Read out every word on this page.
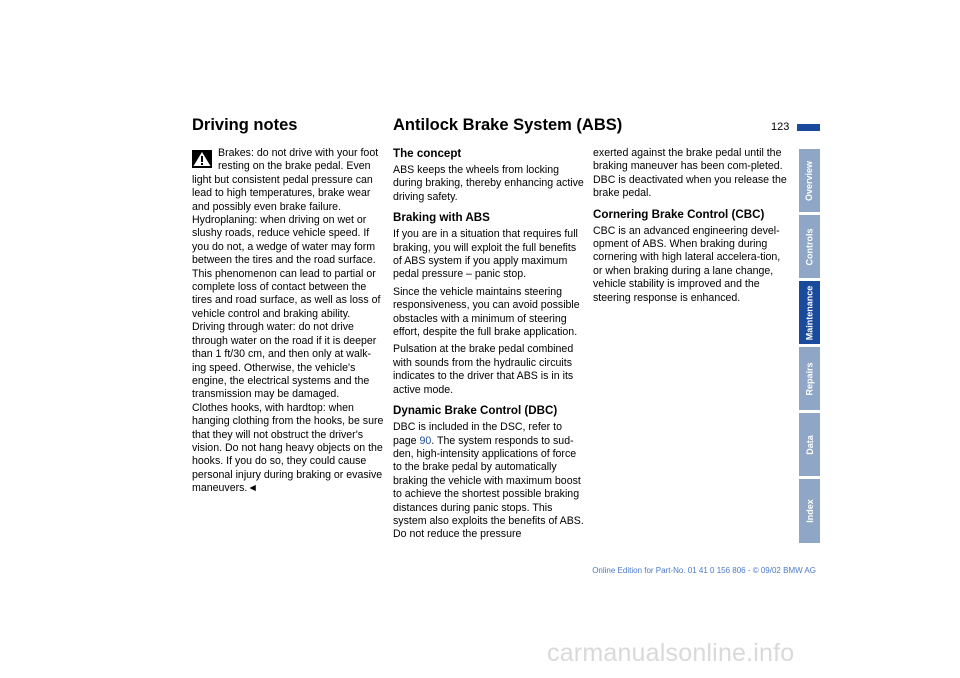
Driving notes	Antilock Brake System (ABS)	123

Brakes: do not drive with your foot resting on the brake pedal. Even light but consistent pedal pressure can lead to high temperatures, brake wear and possibly even brake failure.

Hydroplaning: when driving on wet or slushy roads, reduce vehicle speed. If you do not, a wedge of water may form between the tires and the road surface. This phenomenon can lead to partial or complete loss of contact between the tires and road surface, as well as loss of vehicle control and braking ability.

Driving through water: do not drive through water on the road if it is deeper than 1 ft/30 cm, and then only at walk-ing speed. Otherwise, the vehicle's engine, the electrical systems and the transmission may be damaged.

Clothes hooks, with hardtop: when hanging clothing from the hooks, be sure that they will not obstruct the driver's vision. Do not hang heavy objects on the hooks. If you do so, they could cause personal injury during braking or evasive maneuvers.◄

The concept

ABS keeps the wheels from locking during braking, thereby enhancing active driving safety.

Braking with ABS

If you are in a situation that requires full braking, you will exploit the full benefits of ABS system if you apply maximum pedal pressure – panic stop.

Since the vehicle maintains steering responsiveness, you can avoid possible obstacles with a minimum of steering effort, despite the full brake application.

Pulsation at the brake pedal combined with sounds from the hydraulic circuits indicates to the driver that ABS is in its active mode.

Dynamic Brake Control (DBC)

DBC is included in the DSC, refer to page 90. The system responds to sud-den, high-intensity applications of force to the brake pedal by automatically braking the vehicle with maximum boost to achieve the shortest possible braking distances during panic stops. This system also exploits the benefits of ABS. Do not reduce the pressure

exerted against the brake pedal until the braking maneuver has been com-pleted. DBC is deactivated when you release the brake pedal.

Cornering Brake Control (CBC)

CBC is an advanced engineering devel-opment of ABS. When braking during cornering with high lateral accelera-tion, or when braking during a lane change, vehicle stability is improved and the steering response is enhanced.

Overview
Controls
Maintenance
Repairs
Data
Index
Online Edition for Part-No. 01 41 0 156 806 - © 09/02 BMW AG
carmanualsonline.info
